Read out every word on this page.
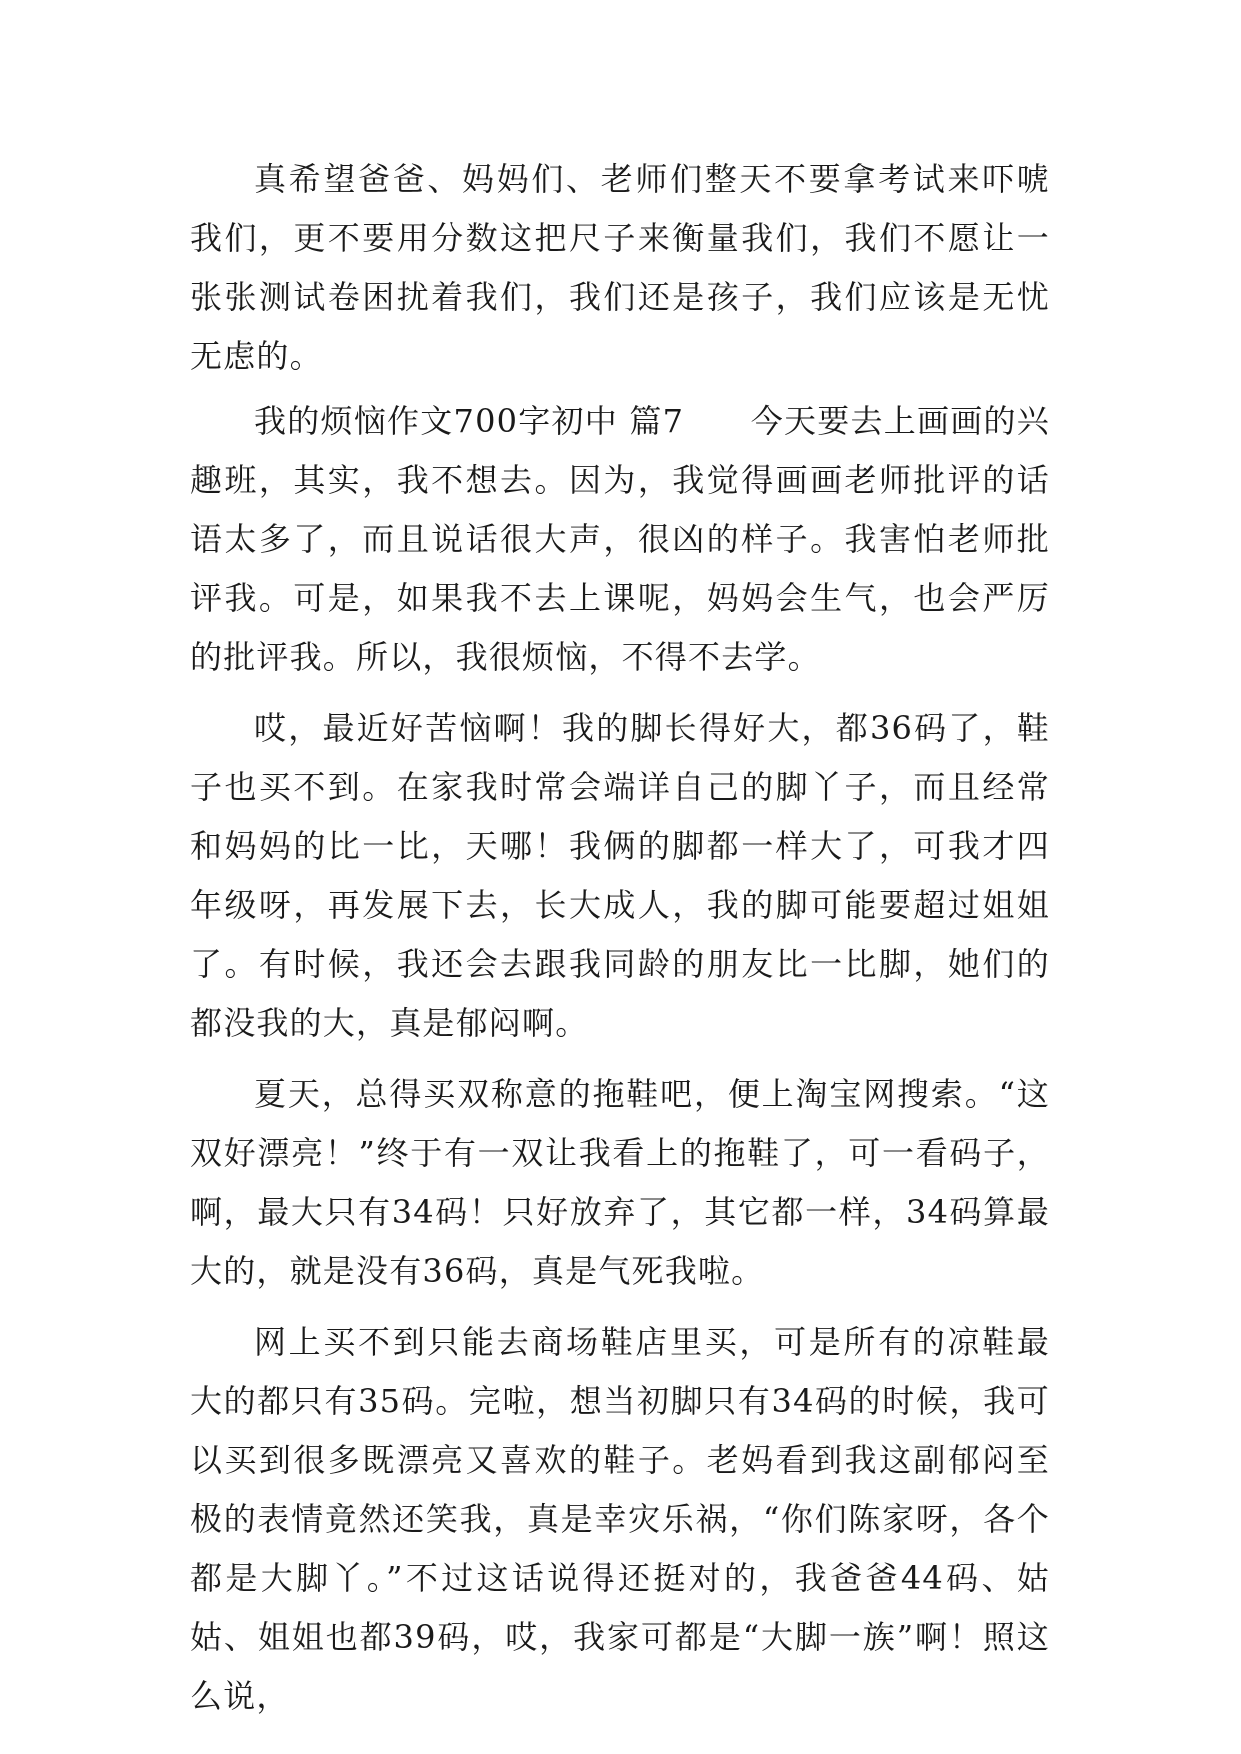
真希望爸爸、妈妈们、老师们整天不要拿考试来吓唬我们，更不要用分数这把尺子来衡量我们，我们不愿让一张张测试卷困扰着我们，我们还是孩子，我们应该是无忧无虑的。

我的烦恼作文700字初中 篇7　　今天要去上画画的兴趣班，其实，我不想去。因为，我觉得画画老师批评的话语太多了，而且说话很大声，很凶的样子。我害怕老师批评我。可是，如果我不去上课呢，妈妈会生气，也会严厉的批评我。所以，我很烦恼，不得不去学。

哎，最近好苦恼啊！我的脚长得好大，都36码了，鞋子也买不到。在家我时常会端详自己的脚丫子，而且经常和妈妈的比一比，天哪！我俩的脚都一样大了，可我才四年级呀，再发展下去，长大成人，我的脚可能要超过姐姐了。有时候，我还会去跟我同龄的朋友比一比脚，她们的都没我的大，真是郁闷啊。

夏天，总得买双称意的拖鞋吧，便上淘宝网搜索。“这双好漂亮！”终于有一双让我看上的拖鞋了，可一看码子，啊，最大只有34码！只好放弃了，其它都一样，34码算最大的，就是没有36码，真是气死我啦。

网上买不到只能去商场鞋店里买，可是所有的凉鞋最大的都只有35码。完啦，想当初脚只有34码的时候，我可以买到很多既漂亮又喜欢的鞋子。老妈看到我这副郁闷至极的表情竟然还笑我，真是幸灾乐祸，“你们陈家呀，各个都是大脚丫。”不过这话说得还挺对的，我爸爸44码、姑姑、姐姐也都39码，哎，我家可都是“大脚一族”啊！照这么说，
